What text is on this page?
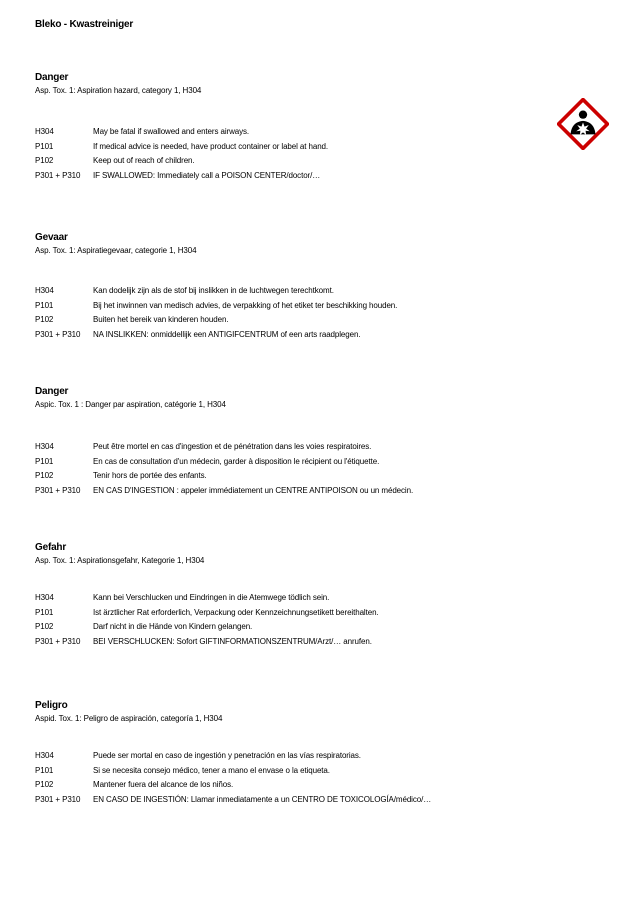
Bleko - Kwastreiniger
Danger
Asp. Tox. 1: Aspiration hazard, category 1, H304
H304	May be fatal if swallowed and enters airways.
P101	If medical advice is needed, have product container or label at hand.
P102	Keep out of reach of children.
P301 + P310 IF SWALLOWED: Immediately call a POISON CENTER/doctor/…
Gevaar
Asp. Tox. 1: Aspiratiegevaar, categorie 1, H304
H304	Kan dodelijk zijn als de stof bij inslikken in de luchtwegen terechtkomt.
P101	Bij het inwinnen van medisch advies, de verpakking of het etiket ter beschikking houden.
P102	Buiten het bereik van kinderen houden.
P301 + P310 NA INSLIKKEN: onmiddellijk een ANTIGIFCENTRUM of een arts raadplegen.
Danger
Aspic. Tox. 1 : Danger par aspiration, catégorie 1, H304
H304	Peut être mortel en cas d'ingestion et de pénétration dans les voies respiratoires.
P101	En cas de consultation d'un médecin, garder à disposition le récipient ou l'étiquette.
P102	Tenir hors de portée des enfants.
P301 + P310 EN CAS D'INGESTION : appeler immédiatement un CENTRE ANTIPOISON ou un médecin.
Gefahr
Asp. Tox. 1: Aspirationsgefahr, Kategorie 1, H304
H304	Kann bei Verschlucken und Eindringen in die Atemwege tödlich sein.
P101	Ist ärztlicher Rat erforderlich, Verpackung oder Kennzeichnungsetikett bereithalten.
P102	Darf nicht in die Hände von Kindern gelangen.
P301 + P310 BEI VERSCHLUCKEN: Sofort GIFTINFORMATIONSZENTRUM/Arzt/… anrufen.
Peligro
Aspid. Tox. 1: Peligro de aspiración, categoría 1, H304
H304	Puede ser mortal en caso de ingestión y penetración en las vías respiratorias.
P101	Si se necesita consejo médico, tener a mano el envase o la etiqueta.
P102	Mantener fuera del alcance de los niños.
P301 + P310 EN CASO DE INGESTIÓN: Llamar inmediatamente a un CENTRO DE TOXICOLOGÍA/médico/…
